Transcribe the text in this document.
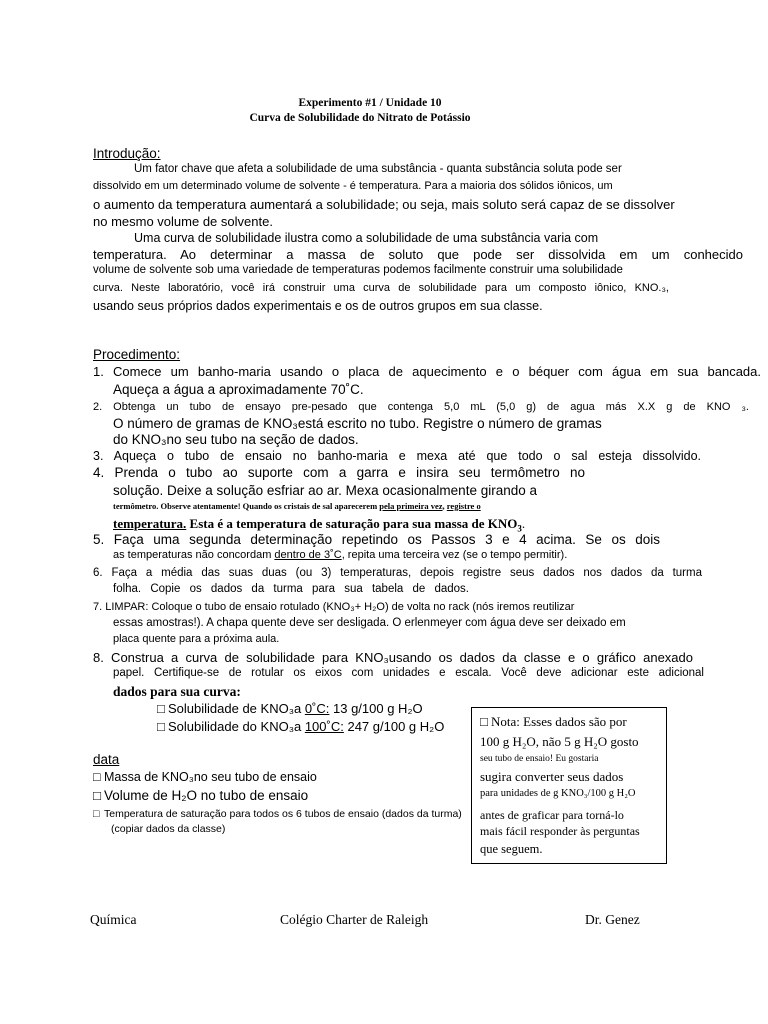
Experimento #1 / Unidade 10
Curva de Solubilidade do Nitrato de Potássio
Introdução:
Um fator chave que afeta a solubilidade de uma substância - quanta substância soluta pode ser
dissolvido em um determinado volume de solvente - é temperatura. Para a maioria dos sólidos iônicos, um
o aumento da temperatura aumentará a solubilidade; ou seja, mais soluto será capaz de se dissolver
no mesmo volume de solvente.
Uma curva de solubilidade ilustra como a solubilidade de uma substância varia com
temperatura. Ao determinar a massa de soluto que pode ser dissolvida em um conhecido
volume de solvente sob uma variedade de temperaturas podemos facilmente construir uma solubilidade
curva. Neste laboratório, você irá construir uma curva de solubilidade para um composto iônico, KNO.₃,
usando seus próprios dados experimentais e os de outros grupos em sua classe.
Procedimento:
1. Comece um banho-maria usando o placa de aquecimento e o béquer com água em sua bancada.
Aqueça a água a aproximadamente 70˚C.
2. Obtenga un tubo de ensayo pre-pesado que contenga 5,0 mL (5,0 g) de agua más X.X g de KNO ₃.
O número de gramas de KNO₃está escrito no tubo. Registre o número de gramas
do KNO₃no seu tubo na seção de dados.
3. Aqueça o tubo de ensaio no banho-maria e mexa até que todo o sal esteja dissolvido.
4. Prenda o tubo ao suporte com a garra e insira seu termômetro no
solução. Deixe a solução esfriar ao ar. Mexa ocasionalmente girando a
termômetro. Observe atentamente! Quando os cristais de sal aparecerem pela primeira vez, registre o
temperatura. Esta é a temperatura de saturação para sua massa de $KNO_3$.
5. Faça uma segunda determinação repetindo os Passos 3 e 4 acima. Se os dois
as temperaturas não concordam dentro de 3˚C, repita uma terceira vez (se o tempo permitir).
6. Faça a média das suas duas (ou 3) temperaturas, depois registre seus dados nos dados da turma
folha. Copie os dados da turma para sua tabela de dados.
7. LIMPAR: Coloque o tubo de ensaio rotulado (KNO₃+ H₂O) de volta no rack (nós iremos reutilizar
essas amostras!). A chapa quente deve ser desligada. O erlenmeyer com água deve ser deixado em
placa quente para a próxima aula.
8. Construa a curva de solubilidade para KNO₃usando os dados da classe e o gráfico anexado
papel. Certifique-se de rotular os eixos com unidades e escala. Você deve adicionar este adicional
dados para sua curva:
□ Solubilidade de KNO₃a 0˚C: 13 g/100 g H₂O
□ Solubilidade do KNO₃a 100˚C: 247 g/100 g H₂O
data
□ Massa de KNO₃no seu tubo de ensaio
□ Volume de H₂O no tubo de ensaio
□ Temperatura de saturação para todos os 6 tubos de ensaio (dados da turma)
(copiar dados da classe)
□ Nota: Esses dados são por
100 g H₂O, não 5 g H₂O gosto
seu tubo de ensaio! Eu gostaria
sugira converter seus dados
para unidades de g KNO₃/100 g H₂O
antes de graficar para torná-lo
mais fácil responder às perguntas
que seguem.
Química	Colégio Charter de Raleigh	Dr. Genez
